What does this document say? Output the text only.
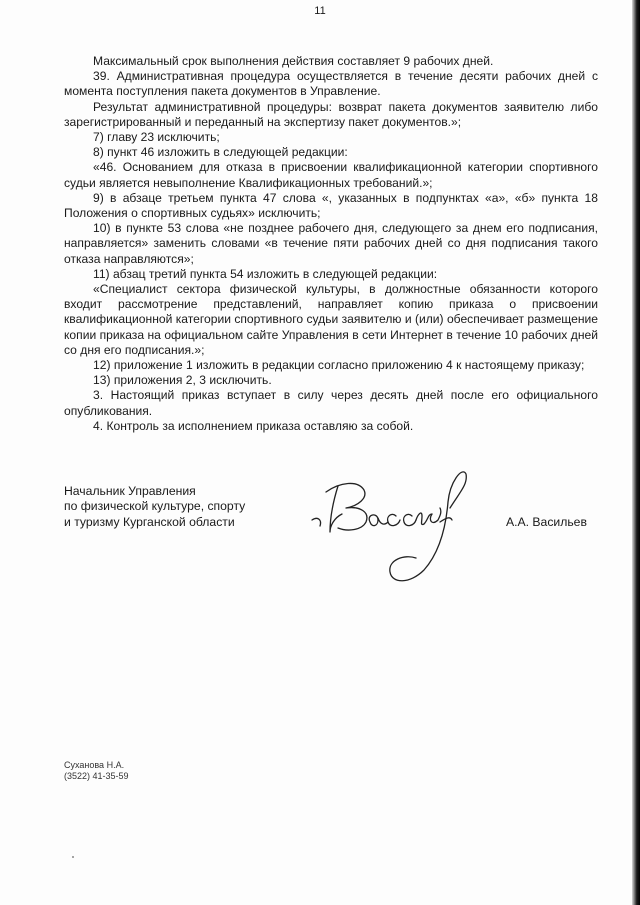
11

Максимальный срок выполнения действия составляет 9 рабочих дней.

39. Административная процедура осуществляется в течение десяти рабочих дней с момента поступления пакета документов в Управление.

Результат административной процедуры: возврат пакета документов заявителю либо зарегистрированный и переданный на экспертизу пакет документов.»;

7) главу 23 исключить;

8) пункт 46 изложить в следующей редакции:

«46. Основанием для отказа в присвоении квалификационной категории спортивного судьи является невыполнение Квалификационных требований.»;

9) в абзаце третьем пункта 47 слова «, указанных в подпунктах «а», «б» пункта 18 Положения о спортивных судьях» исключить;

10) в пункте 53 слова «не позднее рабочего дня, следующего за днем его подписания, направляется» заменить словами «в течение пяти рабочих дней со дня подписания такого отказа направляются»;

11) абзац третий пункта 54 изложить в следующей редакции:

«Специалист сектора физической культуры, в должностные обязанности которого входит рассмотрение представлений, направляет копию приказа о присвоении квалификационной категории спортивного судьи заявителю и (или) обеспечивает размещение копии приказа на официальном сайте Управления в сети Интернет в течение 10 рабочих дней со дня его подписания.»;

12) приложение 1 изложить в редакции согласно приложению 4 к настоящему приказу;

13) приложения 2, 3 исключить.

3. Настоящий приказ вступает в силу через десять дней после его официального опубликования.

4. Контроль за исполнением приказа оставляю за собой.

Начальник Управления
по физической культуре, спорту
и туризму Курганской области	А.А. Васильев
Суханова Н.А.
(3522) 41-35-59
